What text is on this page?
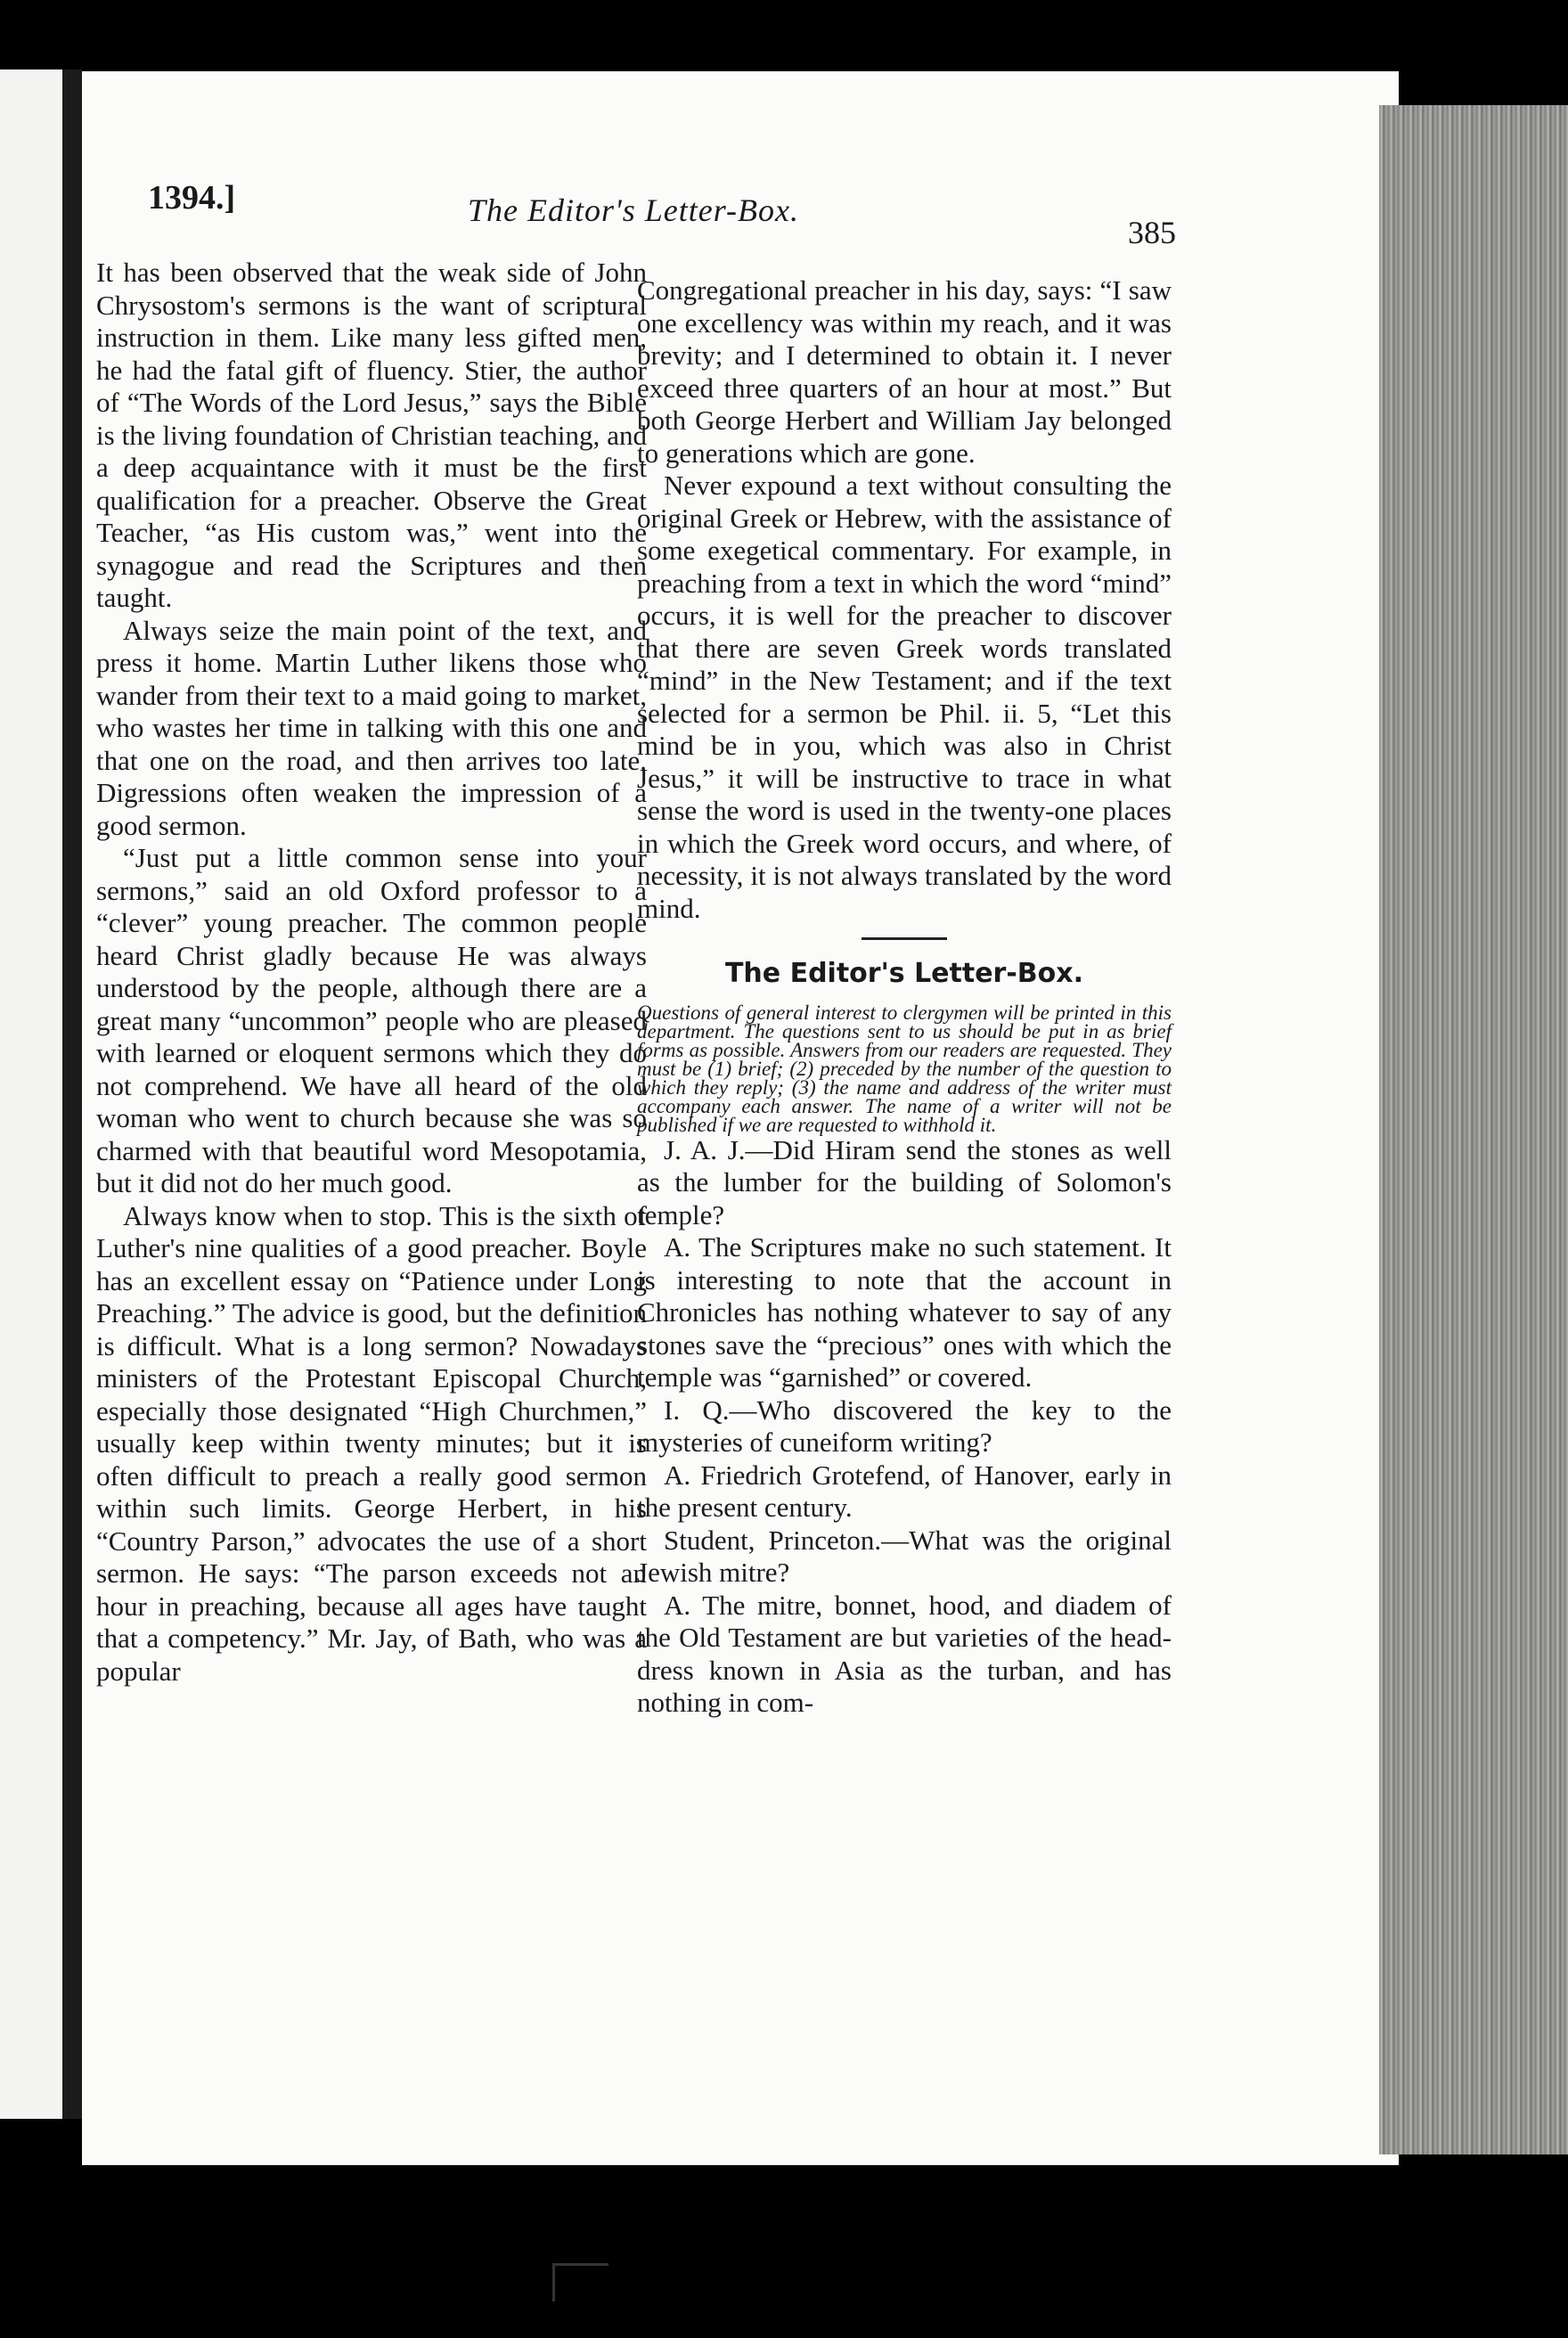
1394.]	The Editor's Letter-Box.
385

It has been observed that the weak side of John Chrysostom's sermons is the want of scriptural instruction in them. Like many less gifted men, he had the fatal gift of fluency. Stier, the author of “The Words of the Lord Jesus,” says the Bible is the living foundation of Christian teaching, and a deep acquaintance with it must be the first qualification for a preacher. Observe the Great Teacher, “as His custom was,” went into the synagogue and read the Scriptures and then taught.

Always seize the main point of the text, and press it home. Martin Luther likens those who wander from their text to a maid going to market, who wastes her time in talking with this one and that one on the road, and then arrives too late. Digressions often weaken the impression of a good sermon.

“Just put a little common sense into your sermons,” said an old Oxford professor to a “clever” young preacher. The common people heard Christ gladly because He was always understood by the people, although there are a great many “uncommon” people who are pleased with learned or eloquent sermons which they do not comprehend. We have all heard of the old woman who went to church because she was so charmed with that beautiful word Mesopotamia, but it did not do her much good.

Always know when to stop. This is the sixth of Luther's nine qualities of a good preacher. Boyle has an excellent essay on “Patience under Long Preaching.” The advice is good, but the definition is difficult. What is a long sermon? Nowadays ministers of the Protestant Episcopal Church, especially those designated “High Churchmen,” usually keep within twenty minutes; but it is often difficult to preach a really good sermon within such limits. George Herbert, in his “Country Parson,” advocates the use of a short sermon. He says: “The parson exceeds not an hour in preaching, because all ages have taught that a competency.” Mr. Jay, of Bath, who was a popular

Congregational preacher in his day, says: “I saw one excellency was within my reach, and it was brevity; and I determined to obtain it. I never exceed three quarters of an hour at most.” But both George Herbert and William Jay belonged to generations which are gone.

Never expound a text without consulting the original Greek or Hebrew, with the assistance of some exegetical commentary. For example, in preaching from a text in which the word “mind” occurs, it is well for the preacher to discover that there are seven Greek words translated “mind” in the New Testament; and if the text selected for a sermon be Phil. ii. 5, “Let this mind be in you, which was also in Christ Jesus,” it will be instructive to trace in what sense the word is used in the twenty-one places in which the Greek word occurs, and where, of necessity, it is not always translated by the word mind.

The Editor's Letter-Box.

Questions of general interest to clergymen will be printed in this department. The questions sent to us should be put in as brief forms as possible. Answers from our readers are requested. They must be (1) brief; (2) preceded by the number of the question to which they reply; (3) the name and address of the writer must accompany each answer. The name of a writer will not be published if we are requested to withhold it.

J. A. J.—Did Hiram send the stones as well as the lumber for the building of Solomon's temple?

A. The Scriptures make no such statement. It is interesting to note that the account in Chronicles has nothing whatever to say of any stones save the “precious” ones with which the temple was “garnished” or covered.

I. Q.—Who discovered the key to the mysteries of cuneiform writing?

A. Friedrich Grotefend, of Hanover, early in the present century.

Student, Princeton.—What was the original Jewish mitre?

A. The mitre, bonnet, hood, and diadem of the Old Testament are but varieties of the head-dress known in Asia as the turban, and has nothing in com-
